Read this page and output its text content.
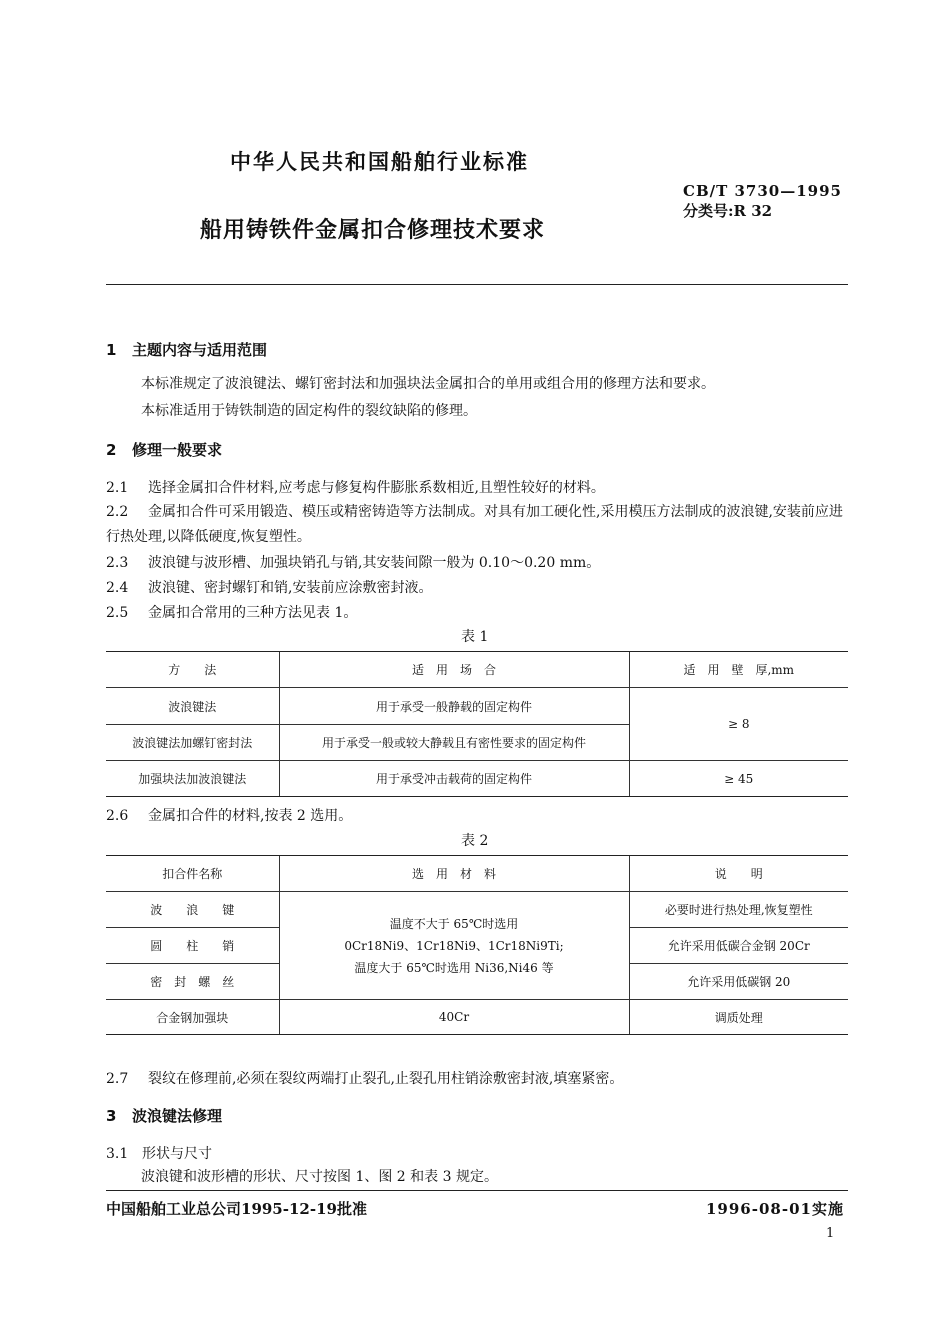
中华人民共和国船舶行业标准
CB/T 3730—1995
分类号:R 32
船用铸铁件金属扣合修理技术要求
1 主题内容与适用范围
本标准规定了波浪键法、螺钉密封法和加强块法金属扣合的单用或组合用的修理方法和要求。
本标准适用于铸铁制造的固定构件的裂纹缺陷的修理。
2 修理一般要求
2.1 选择金属扣合件材料,应考虑与修复构件膨胀系数相近,且塑性较好的材料。
2.2 金属扣合件可采用锻造、模压或精密铸造等方法制成。对具有加工硬化性,采用模压方法制成的波浪键,安装前应进行热处理,以降低硬度,恢复塑性。
2.3 波浪键与波形槽、加强块销孔与销,其安装间隙一般为 0.10～0.20 mm。
2.4 波浪键、密封螺钉和销,安装前应涂敷密封液。
2.5 金属扣合常用的三种方法见表 1。
表 1
方　　法	适　用　场　合	适　用　壁　厚,mm
波浪键法	用于承受一般静载的固定构件	≥ 8
波浪键法加螺钉密封法	用于承受一般或较大静载且有密性要求的固定构件	
加强块法加波浪键法	用于承受冲击载荷的固定构件	≥ 45
2.6 金属扣合件的材料,按表 2 选用。
表 2
扣合件名称	选　用　材　料	说　　明
波　　浪　　键	温度不大于 65℃时选用
0Cr18Ni9、1Cr18Ni9、1Cr18Ni9Ti;
温度大于 65℃时选用 Ni36,Ni46 等	必要时进行热处理,恢复塑性
圆　　柱　　销		允许采用低碳合金钢 20Cr
密　封　螺　丝		允许采用低碳钢 20
合金钢加强块	40Cr	调质处理
2.7 裂纹在修理前,必须在裂纹两端打止裂孔,止裂孔用柱销涂敷密封液,填塞紧密。
3 波浪键法修理
3.1 形状与尺寸
波浪键和波形槽的形状、尺寸按图 1、图 2 和表 3 规定。
中国船舶工业总公司1995-12-19批准	1996-08-01实施
1
